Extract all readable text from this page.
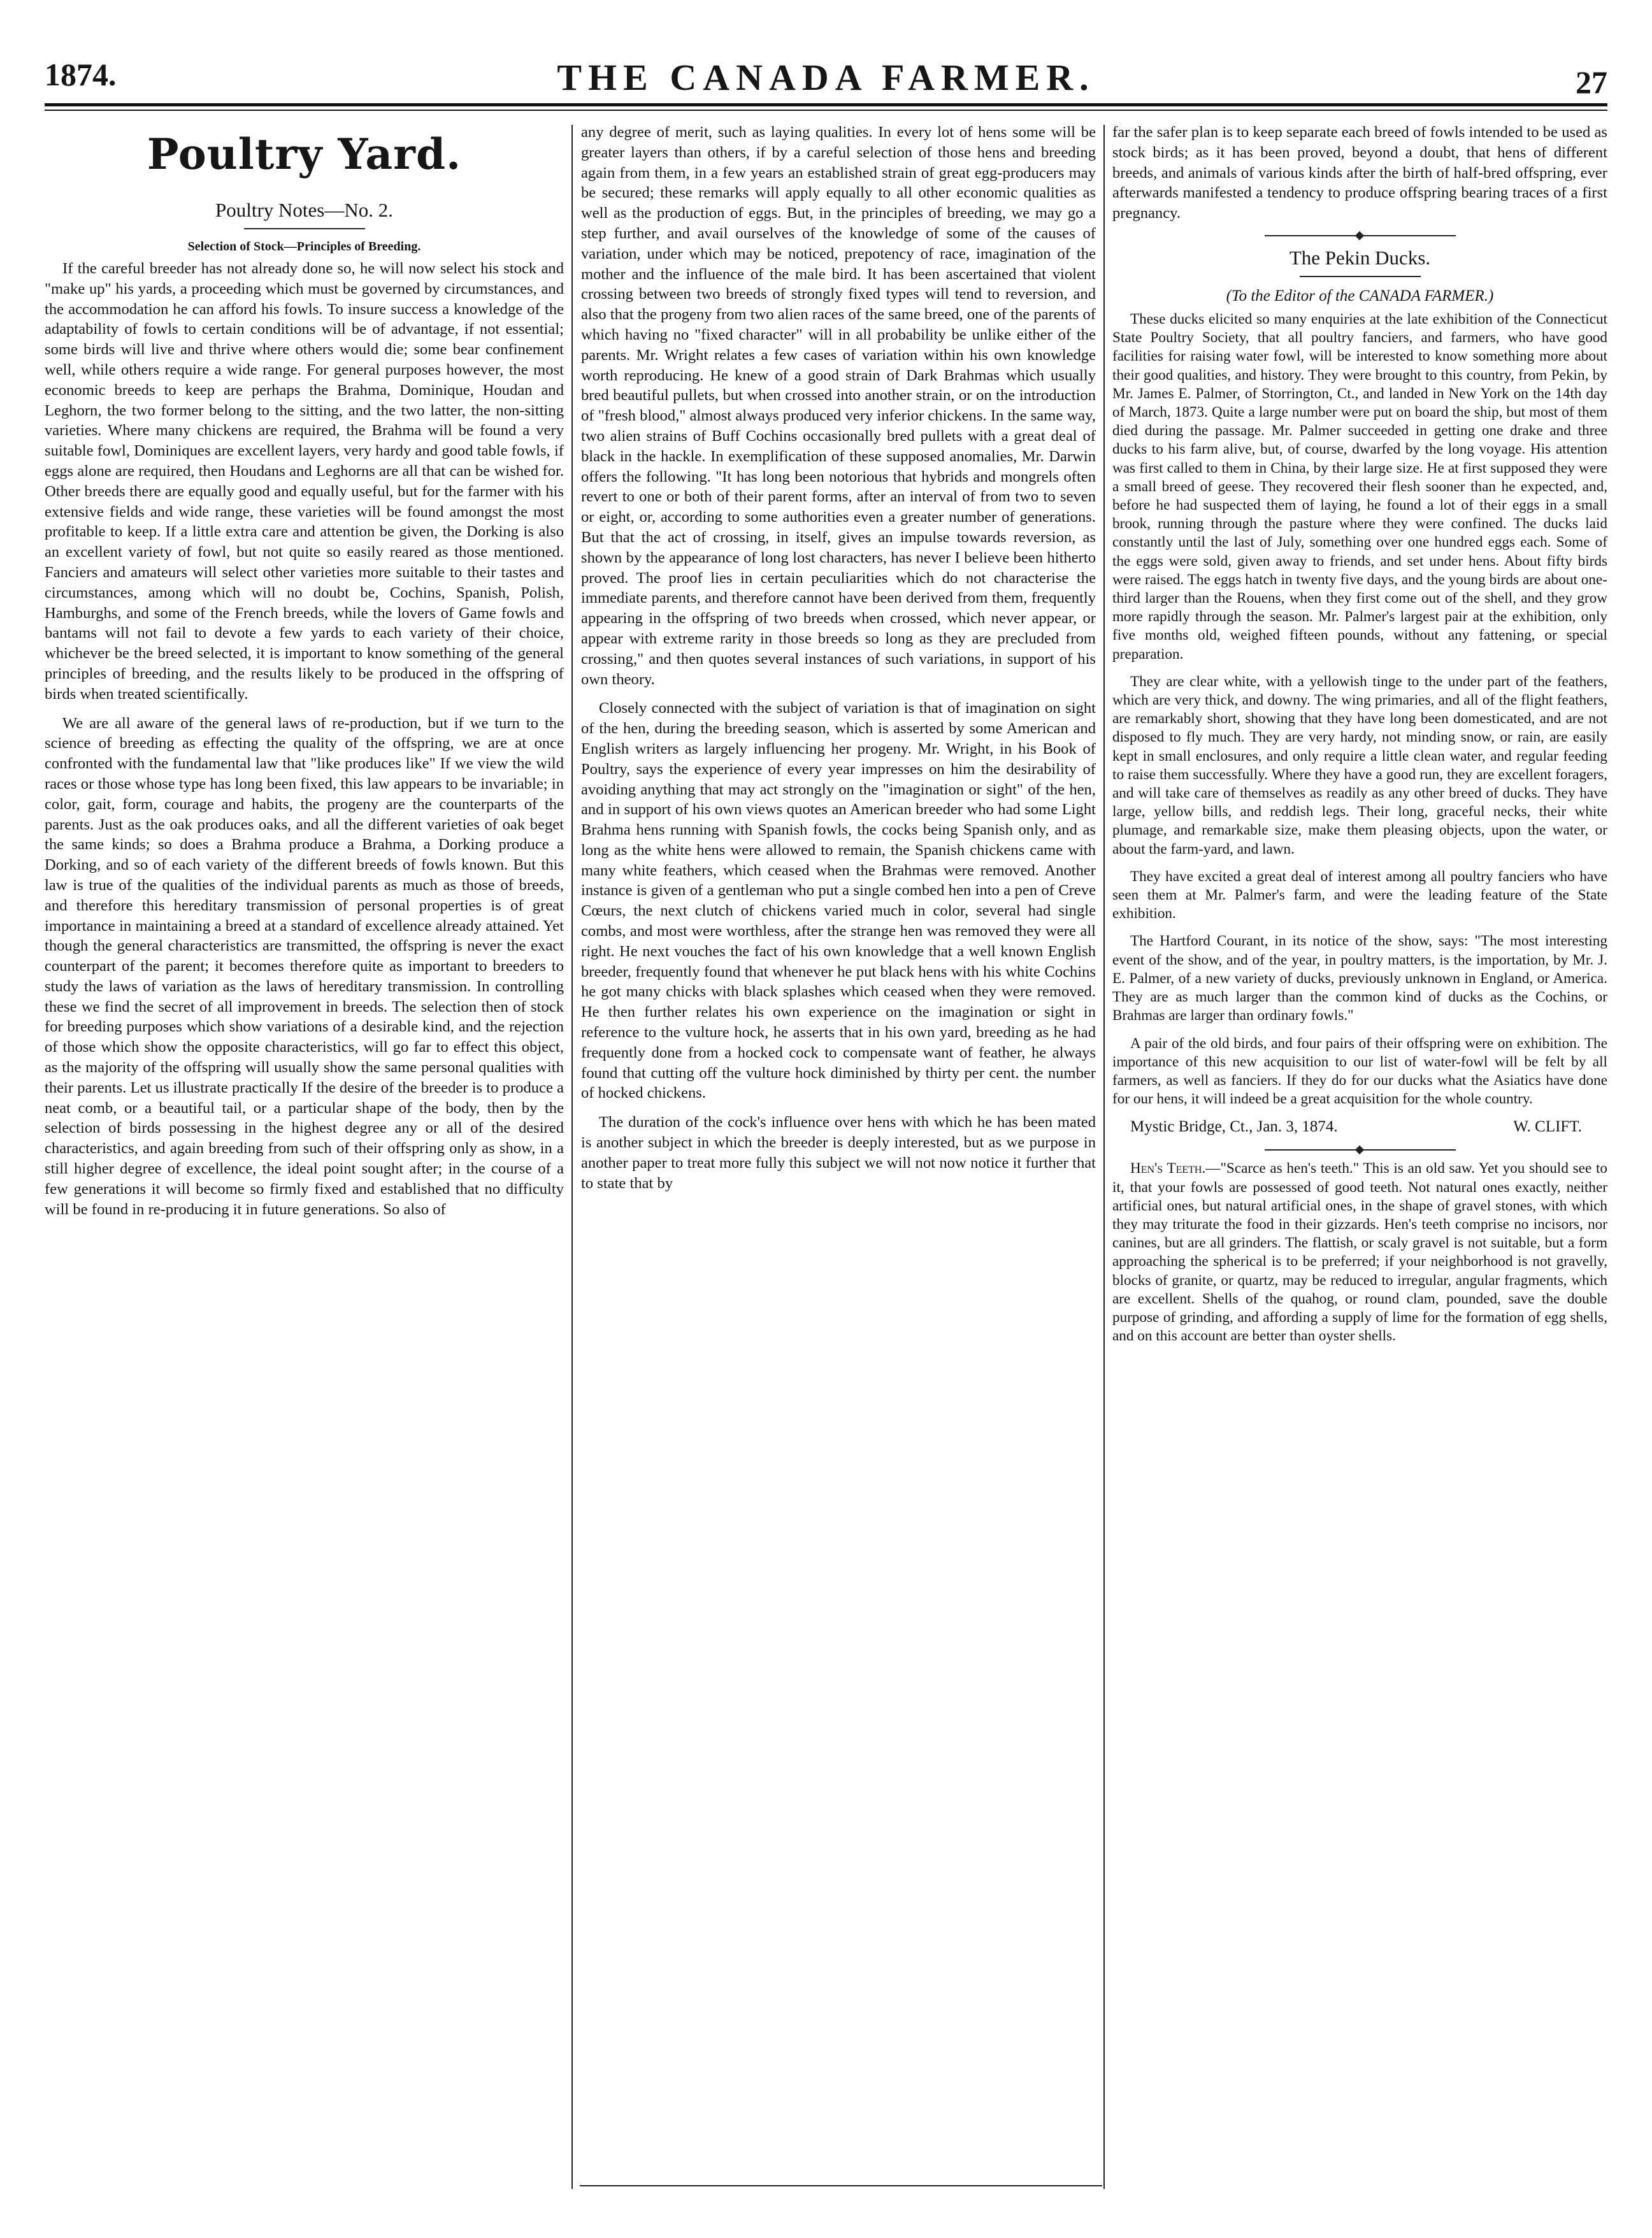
THE CANADA FARMER.
1874.	27
Poultry Yard.
Poultry Notes—No. 2.
Selection of Stock—Principles of Breeding.

If the careful breeder has not already done so, he will now select his stock and "make up" his yards, a proceeding which must be governed by circumstances, and the accommodation he can afford his fowls. To insure success a knowledge of the adaptability of fowls to certain conditions will be of advantage, if not essential; some birds will live and thrive where others would die; some bear confinement well, while others require a wide range. For general purposes however, the most economic breeds to keep are perhaps the Brahma, Dominique, Houdan and Leghorn, the two former belong to the sitting, and the two latter, the non-sitting varieties. Where many chickens are required, the Brahma will be found a very suitable fowl, Dominiques are excellent layers, very hardy and good table fowls, if eggs alone are required, then Houdans and Leghorns are all that can be wished for. Other breeds there are equally good and equally useful, but for the farmer with his extensive fields and wide range, these varieties will be found amongst the most profitable to keep. If a little extra care and attention be given, the Dorking is also an excellent variety of fowl, but not quite so easily reared as those mentioned. Fanciers and amateurs will select other varieties more suitable to their tastes and circumstances, among which will no doubt be, Cochins, Spanish, Polish, Hamburghs, and some of the French breeds, while the lovers of Game fowls and bantams will not fail to devote a few yards to each variety of their choice, whichever be the breed selected, it is important to know something of the general principles of breeding, and the results likely to be produced in the offspring of birds when treated scientifically.

We are all aware of the general laws of re-production, but if we turn to the science of breeding as effecting the quality of the offspring, we are at once confronted with the fundamental law that "like produces like" If we view the wild races or those whose type has long been fixed, this law appears to be invariable; in color, gait, form, courage and habits, the progeny are the counterparts of the parents. Just as the oak produces oaks, and all the different varieties of oak beget the same kinds; so does a Brahma produce a Brahma, a Dorking produce a Dorking, and so of each variety of the different breeds of fowls known. But this law is true of the qualities of the individual parents as much as those of breeds, and therefore this hereditary transmission of personal properties is of great importance in maintaining a breed at a standard of excellence already attained. Yet though the general characteristics are transmitted, the offspring is never the exact counterpart of the parent; it becomes therefore quite as important to breeders to study the laws of variation as the laws of hereditary transmission. In controlling these we find the secret of all improvement in breeds. The selection then of stock for breeding purposes which show variations of a desirable kind, and the rejection of those which show the opposite characteristics, will go far to effect this object, as the majority of the offspring will usually show the same personal qualities with their parents. Let us illustrate practically If the desire of the breeder is to produce a neat comb, or a beautiful tail, or a particular shape of the body, then by the selection of birds possessing in the highest degree any or all of the desired characteristics, and again breeding from such of their offspring only as show, in a still higher degree of excellence, the ideal point sought after; in the course of a few generations it will become so firmly fixed and established that no difficulty will be found in re-producing it in future generations. So also of

any degree of merit, such as laying qualities. In every lot of hens some will be greater layers than others, if by a careful selection of those hens and breeding again from them, in a few years an established strain of great egg-producers may be secured; these remarks will apply equally to all other economic qualities as well as the production of eggs. But, in the principles of breeding, we may go a step further, and avail ourselves of the knowledge of some of the causes of variation, under which may be noticed, prepotency of race, imagination of the mother and the influence of the male bird. It has been ascertained that violent crossing between two breeds of strongly fixed types will tend to reversion, and also that the progeny from two alien races of the same breed, one of the parents of which having no "fixed character" will in all probability be unlike either of the parents. Mr. Wright relates a few cases of variation within his own knowledge worth reproducing. He knew of a good strain of Dark Brahmas which usually bred beautiful pullets, but when crossed into another strain, or on the introduction of "fresh blood," almost always produced very inferior chickens. In the same way, two alien strains of Buff Cochins occasionally bred pullets with a great deal of black in the hackle. In exemplification of these supposed anomalies, Mr. Darwin offers the following. "It has long been notorious that hybrids and mongrels often revert to one or both of their parent forms, after an interval of from two to seven or eight, or, according to some authorities even a greater number of generations. But that the act of crossing, in itself, gives an impulse towards reversion, as shown by the appearance of long lost characters, has never I believe been hitherto proved. The proof lies in certain peculiarities which do not characterise the immediate parents, and therefore cannot have been derived from them, frequently appearing in the offspring of two breeds when crossed, which never appear, or appear with extreme rarity in those breeds so long as they are precluded from crossing," and then quotes several instances of such variations, in support of his own theory.

Closely connected with the subject of variation is that of imagination on sight of the hen, during the breeding season, which is asserted by some American and English writers as largely influencing her progeny. Mr. Wright, in his Book of Poultry, says the experience of every year impresses on him the desirability of avoiding anything that may act strongly on the "imagination or sight" of the hen, and in support of his own views quotes an American breeder who had some Light Brahma hens running with Spanish fowls, the cocks being Spanish only, and as long as the white hens were allowed to remain, the Spanish chickens came with many white feathers, which ceased when the Brahmas were removed. Another instance is given of a gentleman who put a single combed hen into a pen of Creve Cœurs, the next clutch of chickens varied much in color, several had single combs, and most were worthless, after the strange hen was removed they were all right. He next vouches the fact of his own knowledge that a well known English breeder, frequently found that whenever he put black hens with his white Cochins he got many chicks with black splashes which ceased when they were removed. He then further relates his own experience on the imagination or sight in reference to the vulture hock, he asserts that in his own yard, breeding as he had frequently done from a hocked cock to compensate want of feather, he always found that cutting off the vulture hock diminished by thirty per cent. the number of hocked chickens.

The duration of the cock's influence over hens with which he has been mated is another subject in which the breeder is deeply interested, but as we purpose in another paper to treat more fully this subject we will not now notice it further that to state that by

far the safer plan is to keep separate each breed of fowls intended to be used as stock birds; as it has been proved, beyond a doubt, that hens of different breeds, and animals of various kinds after the birth of half-bred offspring, ever afterwards manifested a tendency to produce offspring bearing traces of a first pregnancy.

The Pekin Ducks.
(To the Editor of the CANADA FARMER.)

These ducks elicited so many enquiries at the late exhibition of the Connecticut State Poultry Society, that all poultry fanciers, and farmers, who have good facilities for raising water fowl, will be interested to know something more about their good qualities, and history. They were brought to this country, from Pekin, by Mr. James E. Palmer, of Storrington, Ct., and landed in New York on the 14th day of March, 1873. Quite a large number were put on board the ship, but most of them died during the passage. Mr. Palmer succeeded in getting one drake and three ducks to his farm alive, but, of course, dwarfed by the long voyage. His attention was first called to them in China, by their large size. He at first supposed they were a small breed of geese. They recovered their flesh sooner than he expected, and, before he had suspected them of laying, he found a lot of their eggs in a small brook, running through the pasture where they were confined. The ducks laid constantly until the last of July, something over one hundred eggs each. Some of the eggs were sold, given away to friends, and set under hens. About fifty birds were raised. The eggs hatch in twenty five days, and the young birds are about one-third larger than the Rouens, when they first come out of the shell, and they grow more rapidly through the season. Mr. Palmer's largest pair at the exhibition, only five months old, weighed fifteen pounds, without any fattening, or special preparation.

They are clear white, with a yellowish tinge to the under part of the feathers, which are very thick, and downy. The wing primaries, and all of the flight feathers, are remarkably short, showing that they have long been domesticated, and are not disposed to fly much. They are very hardy, not minding snow, or rain, are easily kept in small enclosures, and only require a little clean water, and regular feeding to raise them successfully. Where they have a good run, they are excellent foragers, and will take care of themselves as readily as any other breed of ducks. They have large, yellow bills, and reddish legs. Their long, graceful necks, their white plumage, and remarkable size, make them pleasing objects, upon the water, or about the farm-yard, and lawn.

They have excited a great deal of interest among all poultry fanciers who have seen them at Mr. Palmer's farm, and were the leading feature of the State exhibition.

The Hartford Courant, in its notice of the show, says: "The most interesting event of the show, and of the year, in poultry matters, is the importation, by Mr. J. E. Palmer, of a new variety of ducks, previously unknown in England, or America. They are as much larger than the common kind of ducks as the Cochins, or Brahmas are larger than ordinary fowls."

A pair of the old birds, and four pairs of their offspring were on exhibition. The importance of this new acquisition to our list of water-fowl will be felt by all farmers, as well as fanciers. If they do for our ducks what the Asiatics have done for our hens, it will indeed be a great acquisition for the whole country.

Mystic Bridge, Ct., Jan. 3, 1874.	W. CLIFT.

Hen's Teeth.—"Scarce as hen's teeth." This is an old saw. Yet you should see to it, that your fowls are possessed of good teeth. Not natural ones exactly, neither artificial ones, but natural artificial ones, in the shape of gravel stones, with which they may triturate the food in their gizzards. Hen's teeth comprise no incisors, nor canines, but are all grinders. The flattish, or scaly gravel is not suitable, but a form approaching the spherical is to be preferred; if your neighborhood is not gravelly, blocks of granite, or quartz, may be reduced to irregular, angular fragments, which are excellent. Shells of the quahog, or round clam, pounded, save the double purpose of grinding, and affording a supply of lime for the formation of egg shells, and on this account are better than oyster shells.
